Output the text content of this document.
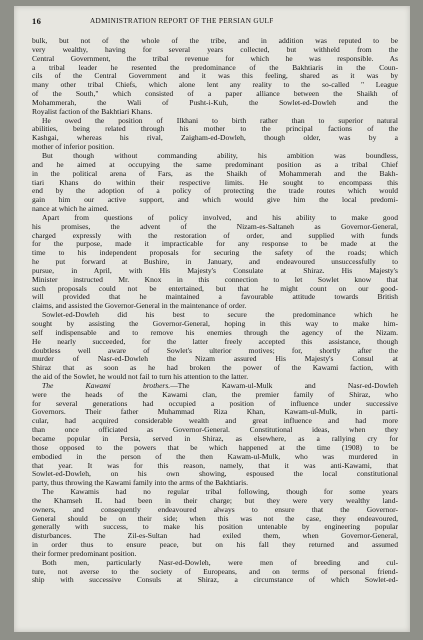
16	ADMINISTRATION REPORT OF THE PERSIAN GULF
bulk, but not of the whole of the tribe, and in addition was reputed to be
very wealthy, having for several years collected, but withheld from the
Central Government, the tribal revenue for which he was responsible. As
a tribal leader he resented the predominance of the Bakhtiaris in the Coun-
cils of the Central Government and it was this feeling, shared as it was by
many other tribal Chiefs, which alone lent any reality to the so-called " League
of the South," which consisted of a paper alliance between the Shaikh of
Mohammerah, the Wali of Pusht-i-Kuh, the Sowlet-ed-Dowleh and the
Royalist faction of the Bakhtiari Khans.
He owed the position of Ilkhani to birth rather than to superior natural
abilities, being related through his mother to the principal factions of the
Kashgai, whereas his rival, Zaigham-ed-Dowleh, though older, was by a
mother of inferior position.
But though without commanding ability, his ambition was boundless,
and he aimed at occupying the same predominant position as a tribal Chief
in the political arena of Fars, as the Shaikh of Mohammerah and the Bakh-
tiari Khans do within their respective limits. He sought to encompass this
end by the adoption of a policy of protecting the trade routes which would
gain him our active support, and which would give him the local predomi-
nance at which he aimed.
Apart from questions of policy involved, and his ability to make good
his promises, the advent of the Nizam-es-Saltaneh as Governor-General,
charged expressly with the restoration of order, and supplied with funds
for the purpose, made it impracticable for any response to be made at the
time to his independent proposals for securing the safety of the roads; which
he put forward at Bushire, in January, and endeavoured unsuccessfully to
pursue, in April, with His Majesty's Consulate at Shiraz. His Majesty's
Minister instructed Mr. Knox in this connection to let Sowlet know that
such proposals could not be entertained, but that he might count on our good-
will provided that he maintained a favourable attitude towards British
claims, and assisted the Governor-General in the maintenance of order.
Sowlet-ed-Dowleh did his best to secure the predominance which he
sought by assisting the Governor-General, hoping in this way to make him-
self indispensable and to remove his enemies through the agency of the Nizam.
He nearly succeeded, for the latter freely accepted this assistance, though
doubtless well aware of Sowlet's ulterior motives; for, shortly after the
murder of Nasr-ed-Dowleh the Nizam assured His Majesty's Consul at
Shiraz that as soon as he had broken the power of the Kawami faction, with
the aid of the Sowlet, he would not fail to turn his attention to the latter.
The Kawami brothers.—The Kawam-ul-Mulk and Nasr-ed-Dowleh
were the heads of the Kawami clan, the premier family of Shiraz, who
for several generations had occupied a position of influence under successive
Governors. Their father Muhammad Riza Khan, Kawam-ul-Mulk, in parti-
cular, had acquired considerable wealth and great influence and had more
than once officiated as Governor-General. Constitutional ideas, when they
became popular in Persia, served in Shiraz, as elsewhere, as a rallying cry for
those opposed to the powers that be which happened at the time (1908) to be
embodied in the person of the then Kawam-ul-Mulk, who was murdered in
that year. It was for this reason, namely, that it was anti-Kawami, that
Sowlet-ed-Dowleh, on his own showing, espoused the local constitutional
party, thus throwing the Kawami family into the arms of the Bakhtiaris.
The Kawamis had no regular tribal following, though for some years
the Khamseh IL had been in their charge; but they were very wealthy land-
owners, and consequently endeavoured always to ensure that the Governor-
General should be on their side; when this was not the case, they endeavoured,
generally with success, to make his position untenable by engineering popular
disturbances. The Zil-es-Sultan had exiled them, when Governor-General,
in order thus to ensure peace, but on his fall they returned and assumed
their former predominant position.
Both men, particularly Nasr-ed-Dowleh, were men of breeding and cul-
ture, not averse to the society of Europeans, and on terms of personal friend-
ship with successive Consuls at Shiraz, a circumstance of which Sowlet-ed-
